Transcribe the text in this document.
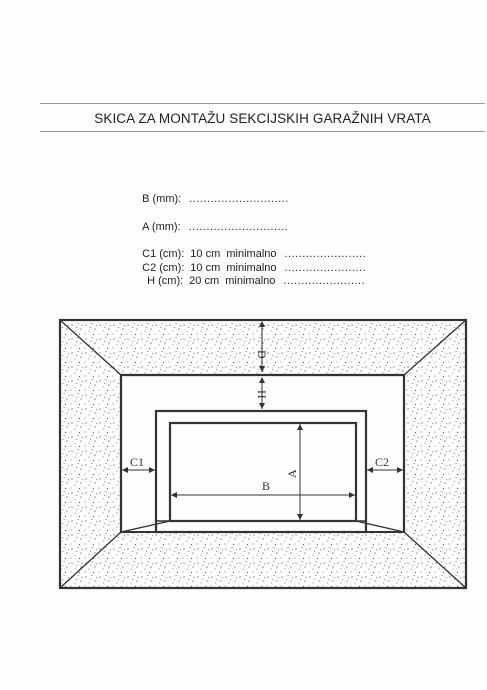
SKICA ZA MONTAŽU SEKCIJSKIH GARAŽNIH VRATA

B (mm): ............................

A (mm): ............................

C1 (cm): 10 cm  minimalno .......................

C2 (cm): 10 cm  minimalno .......................

H (cm): 20 cm  minimalno .......................

D
H
A
B
C1	C2
